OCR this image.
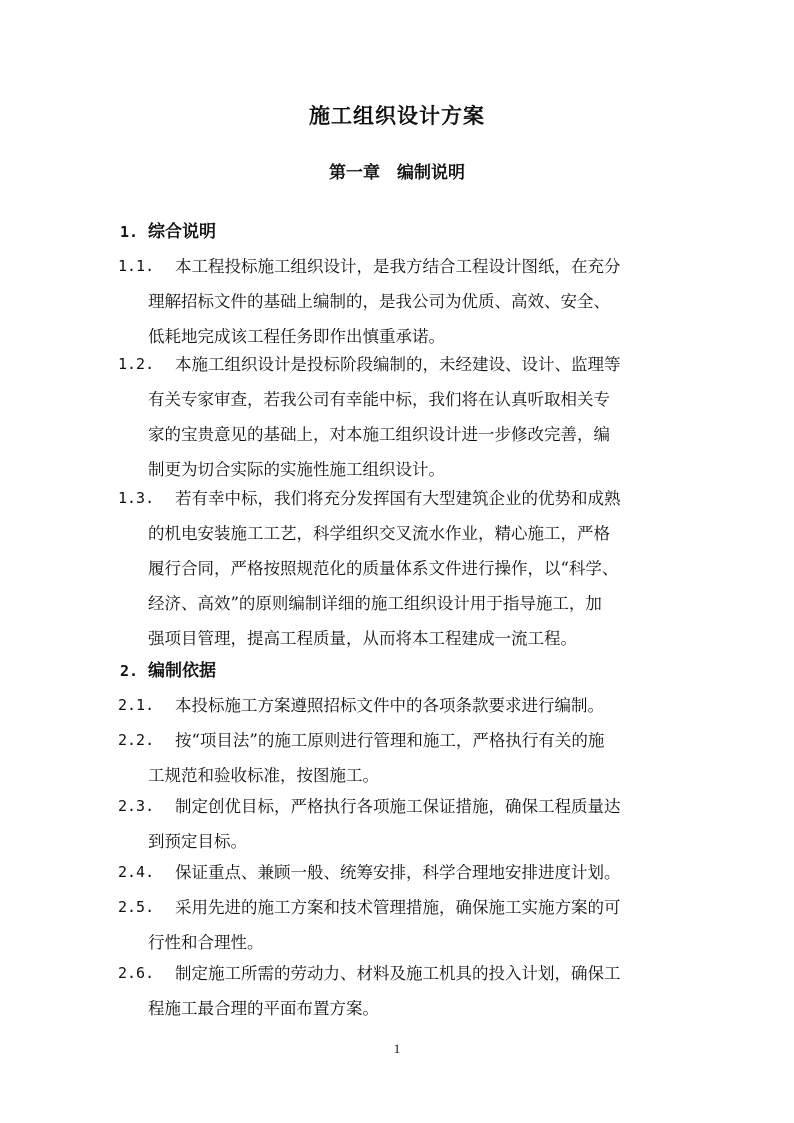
施工组织设计方案
第一章　编制说明
1. 综合说明
1.1. 本工程投标施工组织设计，是我方结合工程设计图纸，在充分
理解招标文件的基础上编制的，是我公司为优质、高效、安全、
低耗地完成该工程任务即作出慎重承诺。
1.2. 本施工组织设计是投标阶段编制的，未经建设、设计、监理等
有关专家审查，若我公司有幸能中标，我们将在认真听取相关专
家的宝贵意见的基础上，对本施工组织设计进一步修改完善，编
制更为切合实际的实施性施工组织设计。
1.3. 若有幸中标，我们将充分发挥国有大型建筑企业的优势和成熟
的机电安装施工工艺，科学组织交叉流水作业，精心施工，严格
履行合同，严格按照规范化的质量体系文件进行操作，以“科学、
经济、高效”的原则编制详细的施工组织设计用于指导施工，加
强项目管理，提高工程质量，从而将本工程建成一流工程。
2. 编制依据
2.1. 本投标施工方案遵照招标文件中的各项条款要求进行编制。
2.2. 按“项目法”的施工原则进行管理和施工，严格执行有关的施
工规范和验收标准，按图施工。
2.3. 制定创优目标，严格执行各项施工保证措施，确保工程质量达
到预定目标。
2.4. 保证重点、兼顾一般、统筹安排，科学合理地安排进度计划。
2.5. 采用先进的施工方案和技术管理措施，确保施工实施方案的可
行性和合理性。
2.6. 制定施工所需的劳动力、材料及施工机具的投入计划，确保工
程施工最合理的平面布置方案。
1
